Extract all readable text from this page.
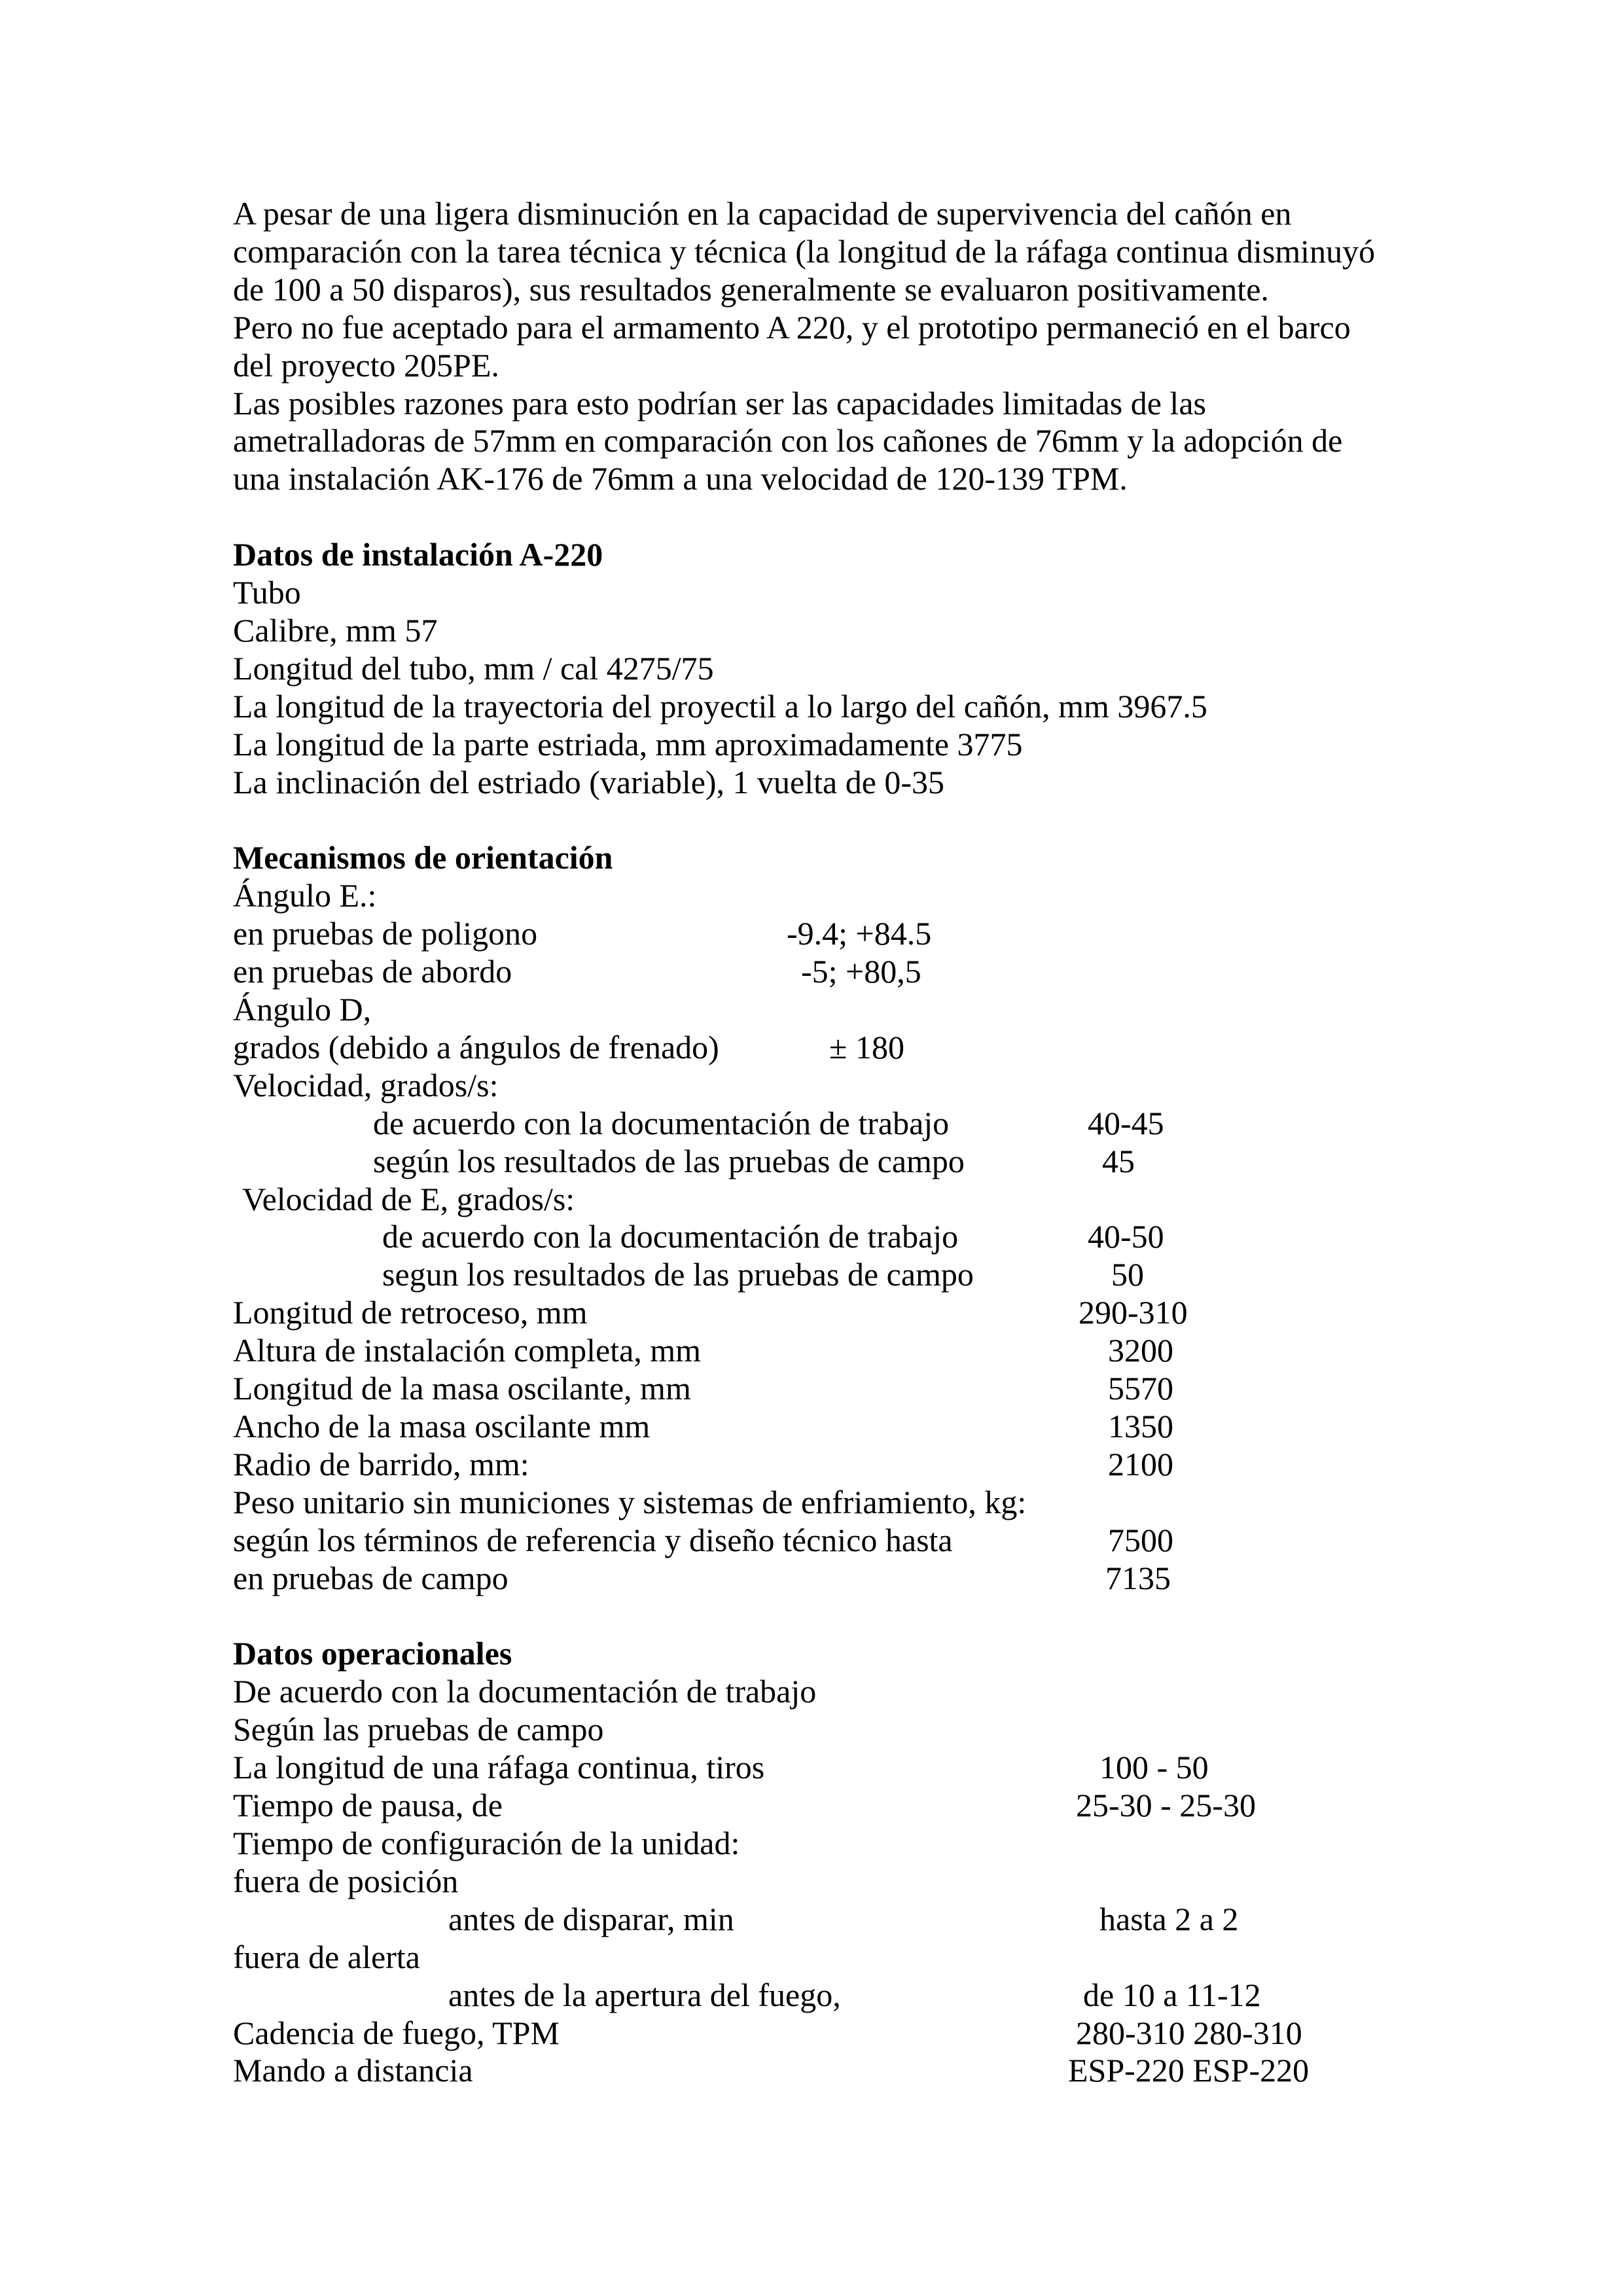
A pesar de una ligera disminución en la capacidad de supervivencia del cañón en
comparación con la tarea técnica y técnica (la longitud de la ráfaga continua disminuyó
de 100 a 50 disparos), sus resultados generalmente se evaluaron positivamente.
Pero no fue aceptado para el armamento A 220, y el prototipo permaneció en el barco
del proyecto 205PE.
Las posibles razones para esto podrían ser las capacidades limitadas de las
ametralladoras de 57mm en comparación con los cañones de 76mm y la adopción de
una instalación AK-176 de 76mm a una velocidad de 120-139 TPM.
Datos de instalación A-220
Tubo
Calibre, mm 57
Longitud del tubo, mm / cal 4275/75
La longitud de la trayectoria del proyectil a lo largo del cañón, mm 3967.5
La longitud de la parte estriada, mm aproximadamente 3775
La inclinación del estriado (variable), 1 vuelta de 0-35
Mecanismos de orientación
Ángulo E.:
en pruebas de poligono	-9.4; +84.5
en pruebas de abordo	-5; +80,5
Ángulo D,
grados (debido a ángulos de frenado)	± 180
Velocidad, grados/s:
de acuerdo con la documentación de trabajo	40-45
según los resultados de las pruebas de campo	45
Velocidad de E, grados/s:
de acuerdo con la documentación de trabajo	40-50
segun los resultados de las pruebas de campo	50
Longitud de retroceso, mm	290-310
Altura de instalación completa, mm	3200
Longitud de la masa oscilante, mm	5570
Ancho de la masa oscilante mm	1350
Radio de barrido, mm:	2100
Peso unitario sin municiones y sistemas de enfriamiento, kg:
según los términos de referencia y diseño técnico hasta	7500
en pruebas de campo	7135
Datos operacionales
De acuerdo con la documentación de trabajo
Según las pruebas de campo
La longitud de una ráfaga continua, tiros	100 - 50
Tiempo de pausa, de	25-30 - 25-30
Tiempo de configuración de la unidad:
fuera de posición
antes de disparar, min	hasta 2 a 2
fuera de alerta
antes de la apertura del fuego,	de 10 a 11-12
Cadencia de fuego, TPM	280-310 280-310
Mando a distancia	ESP-220 ESP-220
